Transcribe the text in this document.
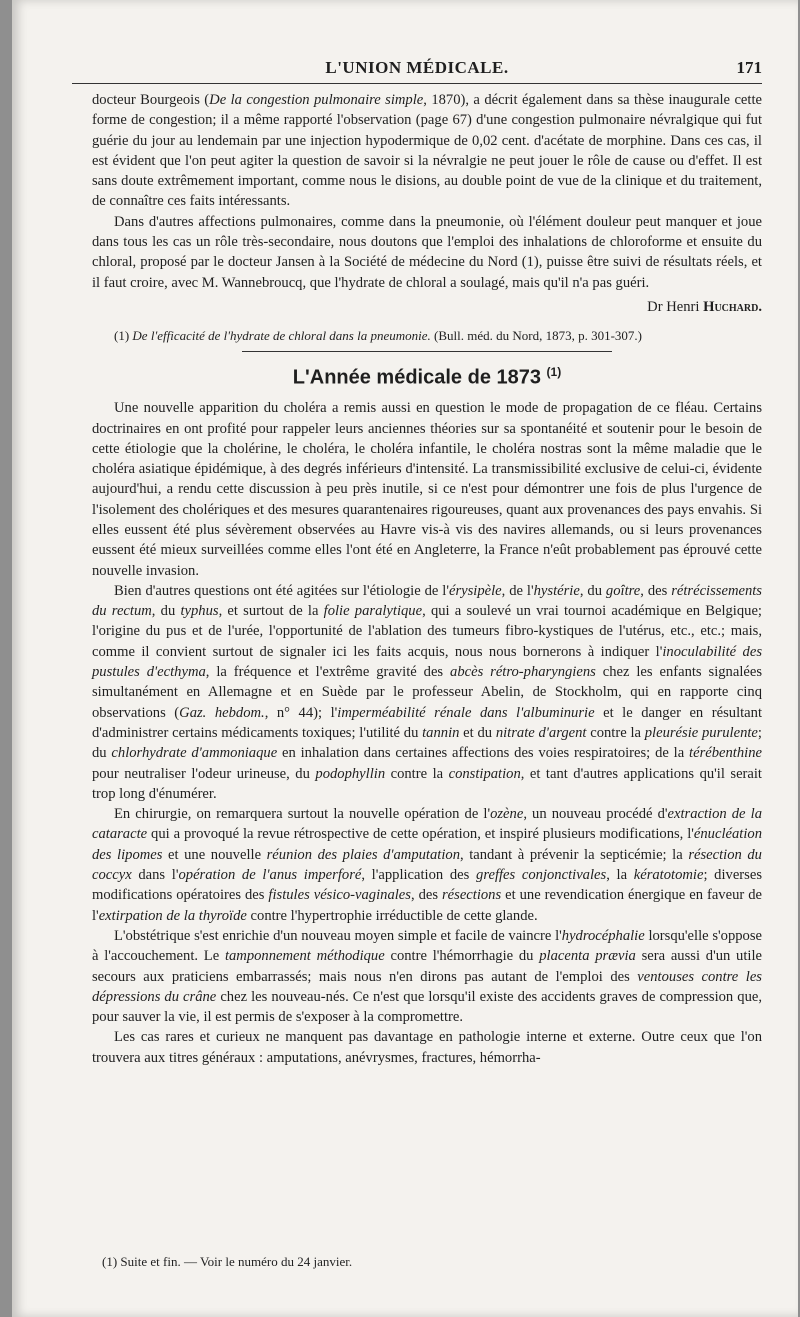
L'UNION MÉDICALE.	171

docteur Bourgeois (De la congestion pulmonaire simple, 1870), a décrit également dans sa thèse inaugurale cette forme de congestion; il a même rapporté l'observation (page 67) d'une congestion pulmonaire névralgique qui fut guérie du jour au lendemain par une injection hypodermique de 0,02 cent. d'acétate de morphine. Dans ces cas, il est évident que l'on peut agiter la question de savoir si la névralgie ne peut jouer le rôle de cause ou d'effet. Il est sans doute extrêmement important, comme nous le disions, au double point de vue de la clinique et du traitement, de connaître ces faits intéressants.

Dans d'autres affections pulmonaires, comme dans la pneumonie, où l'élément douleur peut manquer et joue dans tous les cas un rôle très-secondaire, nous doutons que l'emploi des inhalations de chloroforme et ensuite du chloral, proposé par le docteur Jansen à la Société de médecine du Nord (1), puisse être suivi de résultats réels, et il faut croire, avec M. Wannebroucq, que l'hydrate de chloral a soulagé, mais qu'il n'a pas guéri.

Dr Henri Huchard.

(1) De l'efficacité de l'hydrate de chloral dans la pneumonie. (Bull. méd. du Nord, 1873, p. 301-307.)

L'Année médicale de 1873 $^{(1)}$

Une nouvelle apparition du choléra a remis aussi en question le mode de propagation de ce fléau. Certains doctrinaires en ont profité pour rappeler leurs anciennes théories sur sa spontanéité et soutenir pour le besoin de cette étiologie que la cholérine, le choléra, le choléra infantile, le choléra nostras sont la même maladie que le choléra asiatique épidémique, à des degrés inférieurs d'intensité. La transmissibilité exclusive de celui-ci, évidente aujourd'hui, a rendu cette discussion à peu près inutile, si ce n'est pour démontrer une fois de plus l'urgence de l'isolement des cholériques et des mesures quarantenaires rigoureuses, quant aux provenances des pays envahis. Si elles eussent été plus sévèrement observées au Havre vis-à vis des navires allemands, ou si leurs provenances eussent été mieux surveillées comme elles l'ont été en Angleterre, la France n'eût probablement pas éprouvé cette nouvelle invasion.

Bien d'autres questions ont été agitées sur l'étiologie de l'érysipèle, de l'hystérie, du goître, des rétrécissements du rectum, du typhus, et surtout de la folie paralytique, qui a soulevé un vrai tournoi académique en Belgique; l'origine du pus et de l'urée, l'opportunité de l'ablation des tumeurs fibro-kystiques de l'utérus, etc., etc.; mais, comme il convient surtout de signaler ici les faits acquis, nous nous bornerons à indiquer l'inoculabilité des pustules d'ecthyma, la fréquence et l'extrême gravité des abcès rétro-pharyngiens chez les enfants signalées simultanément en Allemagne et en Suède par le professeur Abelin, de Stockholm, qui en rapporte cinq observations (Gaz. hebdom., n° 44); l'imperméabilité rénale dans l'albuminurie et le danger en résultant d'administrer certains médicaments toxiques; l'utilité du tannin et du nitrate d'argent contre la pleurésie purulente; du chlorhydrate d'ammoniaque en inhalation dans certaines affections des voies respiratoires; de la térébenthine pour neutraliser l'odeur urineuse, du podophyllin contre la constipation, et tant d'autres applications qu'il serait trop long d'énumérer.

En chirurgie, on remarquera surtout la nouvelle opération de l'ozène, un nouveau procédé d'extraction de la cataracte qui a provoqué la revue rétrospective de cette opération, et inspiré plusieurs modifications, l'énucléation des lipomes et une nouvelle réunion des plaies d'amputation, tandant à prévenir la septicémie; la résection du coccyx dans l'opération de l'anus imperforé, l'application des greffes conjonctivales, la kératotomie; diverses modifications opératoires des fistules vésico-vaginales, des résections et une revendication énergique en faveur de l'extirpation de la thyroïde contre l'hypertrophie irréductible de cette glande.

L'obstétrique s'est enrichie d'un nouveau moyen simple et facile de vaincre l'hydrocéphalie lorsqu'elle s'oppose à l'accouchement. Le tamponnement méthodique contre l'hémorrhagie du placenta prævia sera aussi d'un utile secours aux praticiens embarrassés; mais nous n'en dirons pas autant de l'emploi des ventouses contre les dépressions du crâne chez les nouveau-nés. Ce n'est que lorsqu'il existe des accidents graves de compression que, pour sauver la vie, il est permis de s'exposer à la compromettre.

Les cas rares et curieux ne manquent pas davantage en pathologie interne et externe. Outre ceux que l'on trouvera aux titres généraux : amputations, anévrysmes, fractures, hémorrha-

(1) Suite et fin. — Voir le numéro du 24 janvier.
